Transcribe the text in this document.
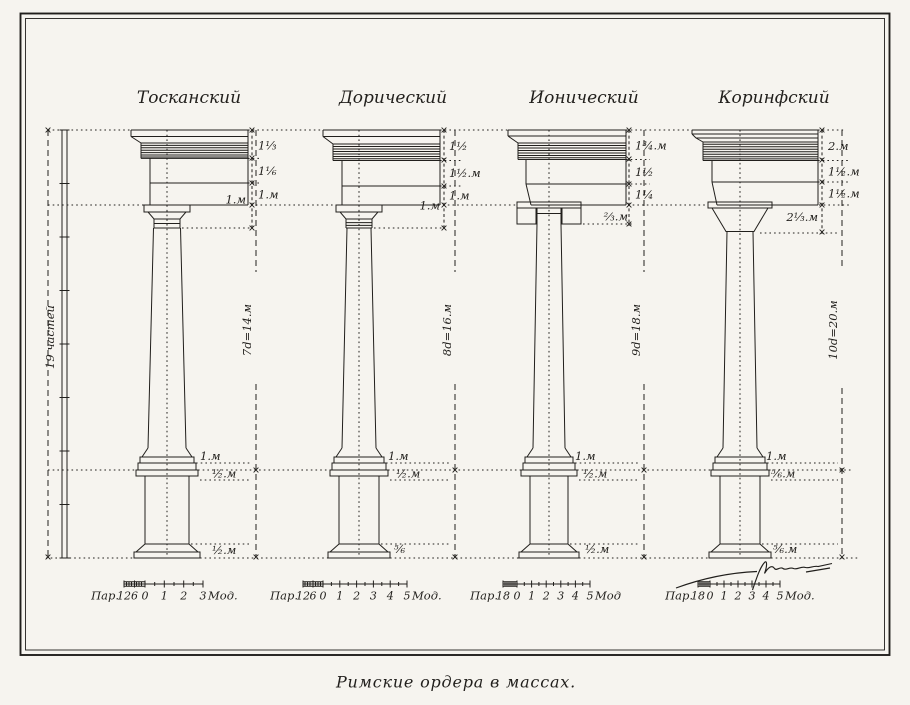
19 частей
Тосканский
7d=14.м
1⅓
1⅙
1.м
1.м
1.м
½.м
½.м
Дорический
8d=16.м
1½
1½.м
1.м
1.м
1.м
½.м
⅚
Ионический
9d=18.м
1¾.м
1½
1¼
⅔.м
1.м
½.м
½.м
Коринфский
10d=20.м
2.м
1½.м
1½.м
2⅓.м
1.м
⅚.м
⅚.м
Пар.
12 6 0 1 2 3 Мод.	Пар.
12 6 0 1 2 3 4 5 Мод. Пар.
18 0 1 2 3 4 5 Мод	Пар.
18 0 1 2 3 4 5 Мод.
Римские ордера в массах.
